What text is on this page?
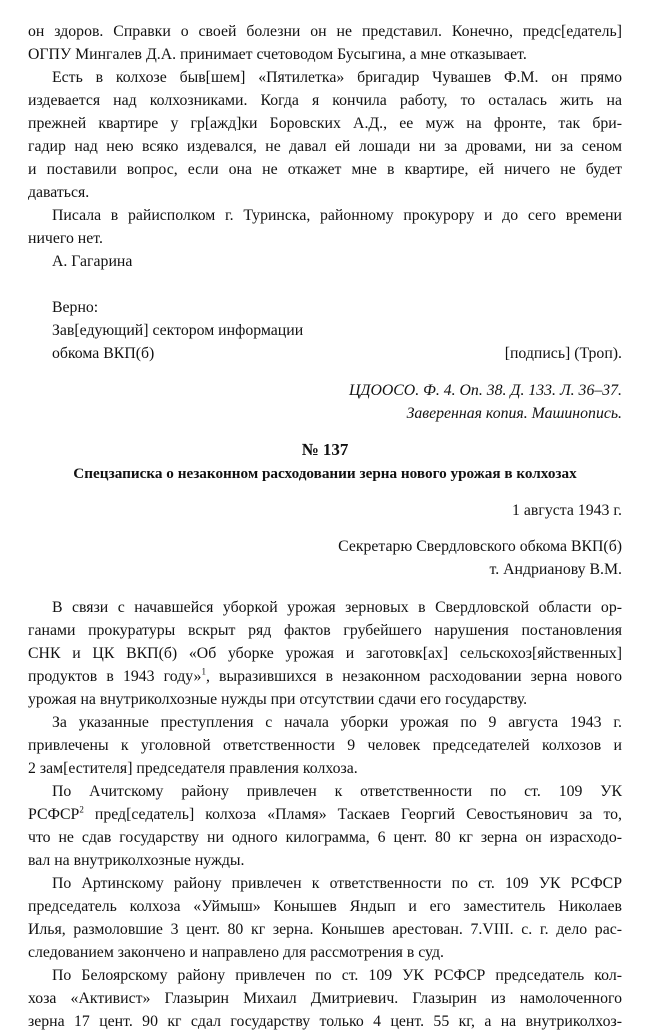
он здоров. Справки о своей болезни он не представил. Конечно, предс[едатель]
ОГПУ Мингалев Д.А. принимает счетоводом Бусыгина, а мне отказывает.
Есть в колхозе быв[шем] «Пятилетка» бригадир Чувашев Ф.М. он прямо
издевается над колхозниками. Когда я кончила работу, то осталась жить на
прежней квартире у гр[ажд]ки Боровских А.Д., ее муж на фронте, так бри-
гадир над нею всяко издевался, не давал ей лошади ни за дровами, ни за сеном
и поставили вопрос, если она не откажет мне в квартире, ей ничего не будет
даваться.
Писала в райисполком г. Туринска, районному прокурору и до сего времени
ничего нет.
А. Гагарина
Верно:
Зав[едующий] сектором информации
обкома ВКП(б)	[подпись] (Троп).
ЦДООСО. Ф. 4. Оп. 38. Д. 133. Л. 36–37.
Заверенная копия. Машинопись.
№ 137
Спецзаписка о незаконном расходовании зерна нового урожая в колхозах
1 августа 1943 г.
Секретарю Свердловского обкома ВКП(б)
т. Андрианову В.М.
В связи с начавшейся уборкой урожая зерновых в Свердловской области ор-
ганами прокуратуры вскрыт ряд фактов грубейшего нарушения постановления
СНК и ЦК ВКП(б) «Об уборке урожая и заготовк[ах] сельскохоз[яйственных]
продуктов в 1943 году»$^1$, выразившихся в незаконном расходовании зерна нового
урожая на внутриколхозные нужды при отсутствии сдачи его государству.
За указанные преступления с начала уборки урожая по 9 августа 1943 г.
привлечены к уголовной ответственности 9 человек председателей колхозов и
2 зам[естителя] председателя правления колхоза.
По Ачитскому району привлечен к ответственности по ст. 109 УК
РСФСР$^2$ пред[седатель] колхоза «Пламя» Таскаев Георгий Севостьянович за то,
что не сдав государству ни одного килограмма, 6 цент. 80 кг зерна он израсходо-
вал на внутриколхозные нужды.
По Артинскому району привлечен к ответственности по ст. 109 УК РСФСР
председатель колхоза «Уймыш» Конышев Яндып и его заместитель Николаев
Илья, размоловшие 3 цент. 80 кг зерна. Конышев арестован. 7.VIII. с. г. дело рас-
следованием закончено и направлено для рассмотрения в суд.
По Белоярскому району привлечен по ст. 109 УК РСФСР председатель кол-
хоза «Активист» Глазырин Михаил Дмитриевич. Глазырин из намолоченного
зерна 17 цент. 90 кг сдал государству только 4 цент. 55 кг, а на внутриколхоз-
